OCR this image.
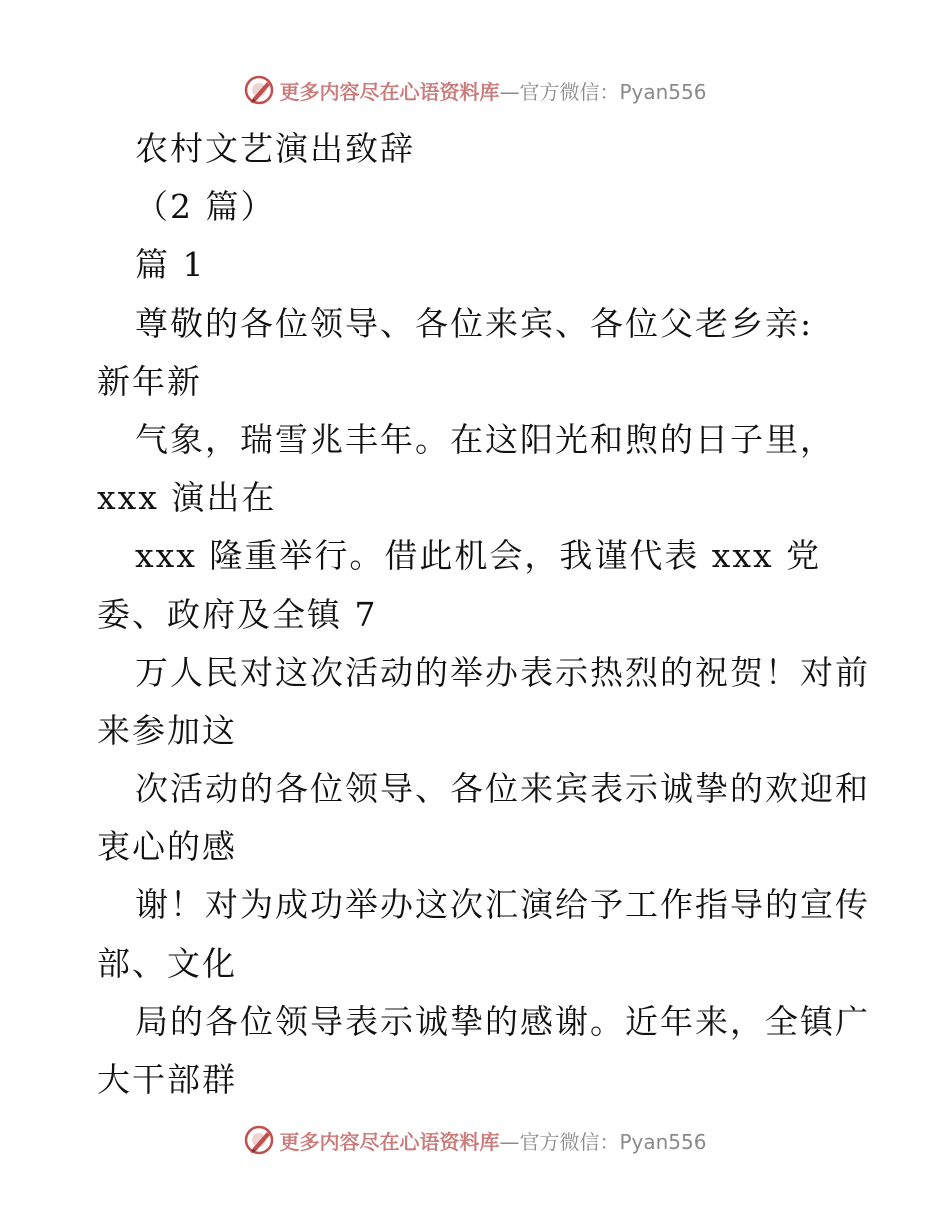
更多内容尽在心语资料库—官方微信：Pyan556
农村文艺演出致辞
（2 篇）
篇 1
尊敬的各位领导、各位来宾、各位父老乡亲:
新年新
气象，瑞雪兆丰年。在这阳光和煦的日子里，
xxx 演出在
xxx 隆重举行。借此机会，我谨代表 xxx 党
委、政府及全镇 7
万人民对这次活动的举办表示热烈的祝贺！对前
来参加这
次活动的各位领导、各位来宾表示诚挚的欢迎和
衷心的感
谢！对为成功举办这次汇演给予工作指导的宣传
部、文化
局的各位领导表示诚挚的感谢。近年来，全镇广
大干部群
更多内容尽在心语资料库—官方微信：Pyan556
